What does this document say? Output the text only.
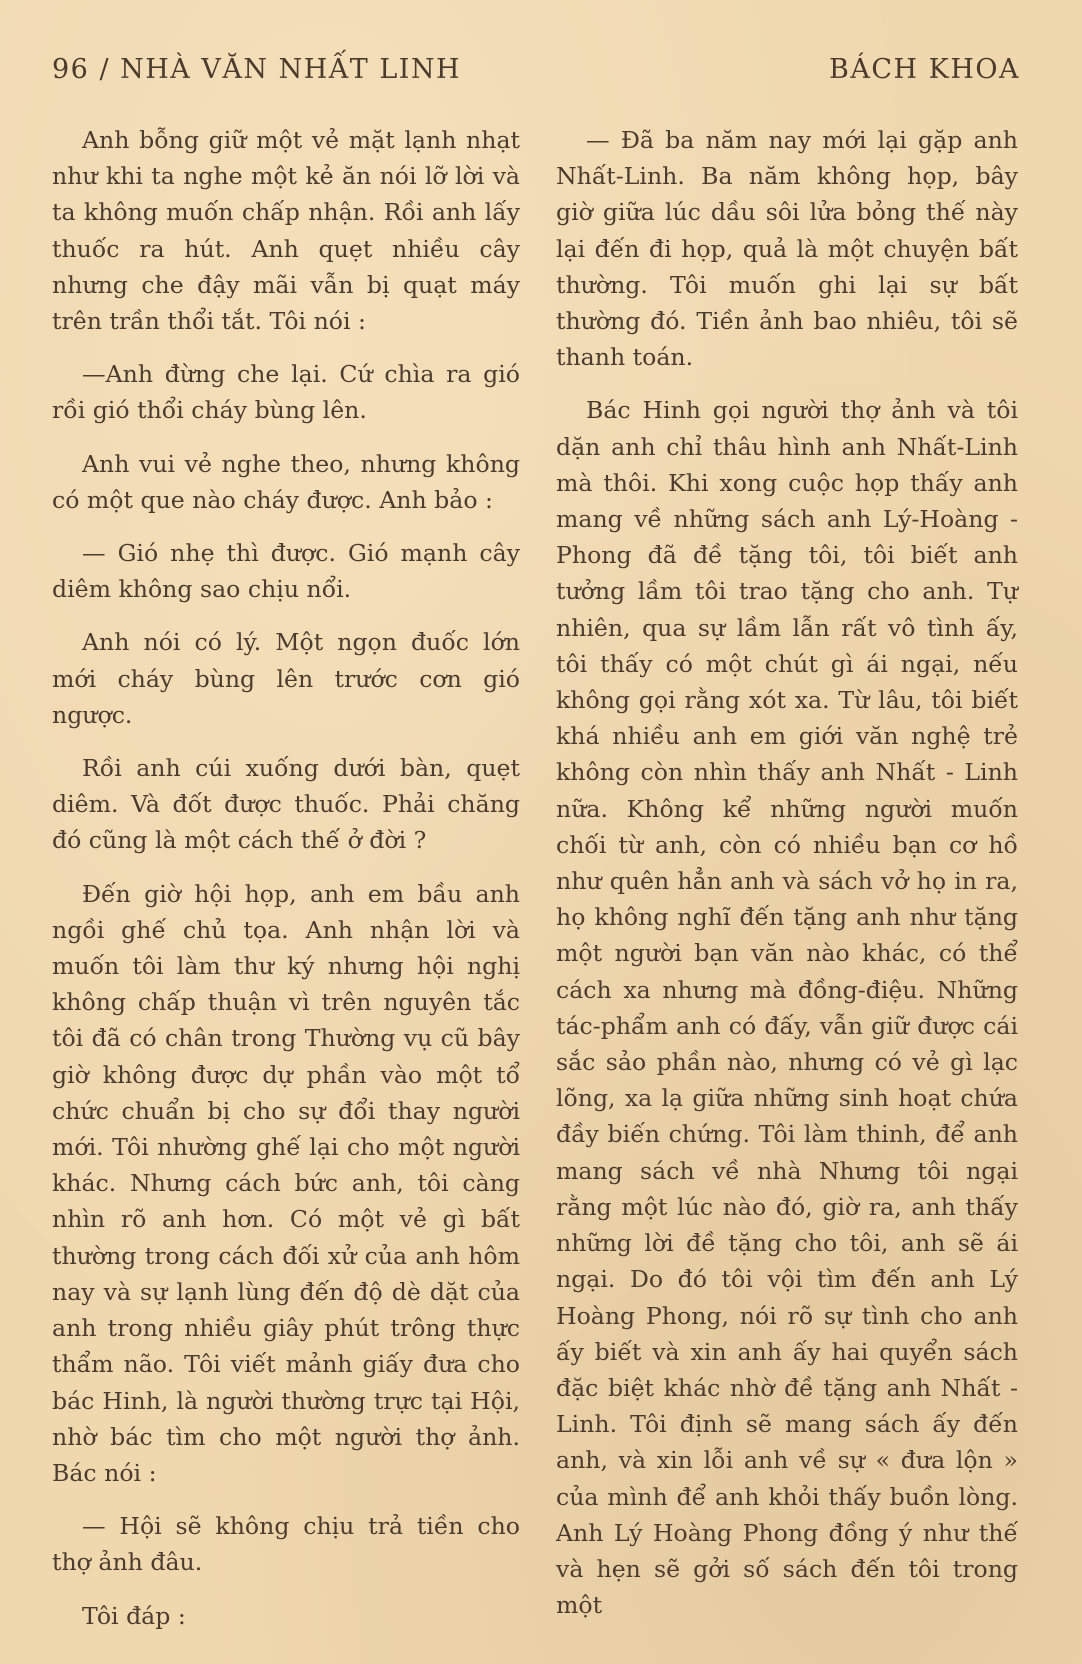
96 / NHÀ VĂN NHẤT LINH	BÁCH KHOA

Anh bỗng giữ một vẻ mặt lạnh nhạt như khi ta nghe một kẻ ăn nói lỡ lời và ta không muốn chấp nhận. Rồi anh lấy thuốc ra hút. Anh quẹt nhiều cây nhưng che đậy mãi vẫn bị quạt máy trên trần thổi tắt. Tôi nói :

—Anh đừng che lại. Cứ chìa ra gió rồi gió thổi cháy bùng lên.

Anh vui vẻ nghe theo, nhưng không có một que nào cháy được. Anh bảo :

— Gió nhẹ thì được. Gió mạnh cây diêm không sao chịu nổi.

Anh nói có lý. Một ngọn đuốc lớn mới cháy bùng lên trước cơn gió ngược.

Rồi anh cúi xuống dưới bàn, quẹt diêm. Và đốt được thuốc. Phải chăng đó cũng là một cách thế ở đời ?

Đến giờ hội họp, anh em bầu anh ngồi ghế chủ tọa. Anh nhận lời và muốn tôi làm thư ký nhưng hội nghị không chấp thuận vì trên nguyên tắc tôi đã có chân trong Thường vụ cũ bây giờ không được dự phần vào một tổ chức chuẩn bị cho sự đổi thay người mới. Tôi nhường ghế lại cho một người khác. Nhưng cách bức anh, tôi càng nhìn rõ anh hơn. Có một vẻ gì bất thường trong cách đối xử của anh hôm nay và sự lạnh lùng đến độ dè dặt của anh trong nhiều giây phút trông thực thẩm não. Tôi viết mảnh giấy đưa cho bác Hinh, là người thường trực tại Hội, nhờ bác tìm cho một người thợ ảnh. Bác nói :

— Hội sẽ không chịu trả tiền cho thợ ảnh đâu.

Tôi đáp :

— Đã ba năm nay mới lại gặp anh Nhất-Linh. Ba năm không họp, bây giờ giữa lúc dầu sôi lửa bỏng thế này lại đến đi họp, quả là một chuyện bất thường. Tôi muốn ghi lại sự bất thường đó. Tiền ảnh bao nhiêu, tôi sẽ thanh toán.

Bác Hinh gọi người thợ ảnh và tôi dặn anh chỉ thâu hình anh Nhất-Linh mà thôi. Khi xong cuộc họp thấy anh mang về những sách anh Lý-Hoàng - Phong đã đề tặng tôi, tôi biết anh tưởng lầm tôi trao tặng cho anh. Tự nhiên, qua sự lầm lẫn rất vô tình ấy, tôi thấy có một chút gì ái ngại, nếu không gọi rằng xót xa. Từ lâu, tôi biết khá nhiều anh em giới văn nghệ trẻ không còn nhìn thấy anh Nhất - Linh nữa. Không kể những người muốn chối từ anh, còn có nhiều bạn cơ hồ như quên hẳn anh và sách vở họ in ra, họ không nghĩ đến tặng anh như tặng một người bạn văn nào khác, có thể cách xa nhưng mà đồng-điệu. Những tác-phẩm anh có đấy, vẫn giữ được cái sắc sảo phần nào, nhưng có vẻ gì lạc lõng, xa lạ giữa những sinh hoạt chứa đầy biến chứng. Tôi làm thinh, để anh mang sách về nhà Nhưng tôi ngại rằng một lúc nào đó, giờ ra, anh thấy những lời đề tặng cho tôi, anh sẽ ái ngại. Do đó tôi vội tìm đến anh Lý Hoàng Phong, nói rõ sự tình cho anh ấy biết và xin anh ấy hai quyển sách đặc biệt khác nhờ đề tặng anh Nhất - Linh. Tôi định sẽ mang sách ấy đến anh, và xin lỗi anh về sự « đưa lộn » của mình để anh khỏi thấy buồn lòng. Anh Lý Hoàng Phong đồng ý như thế và hẹn sẽ gởi số sách đến tôi trong một
